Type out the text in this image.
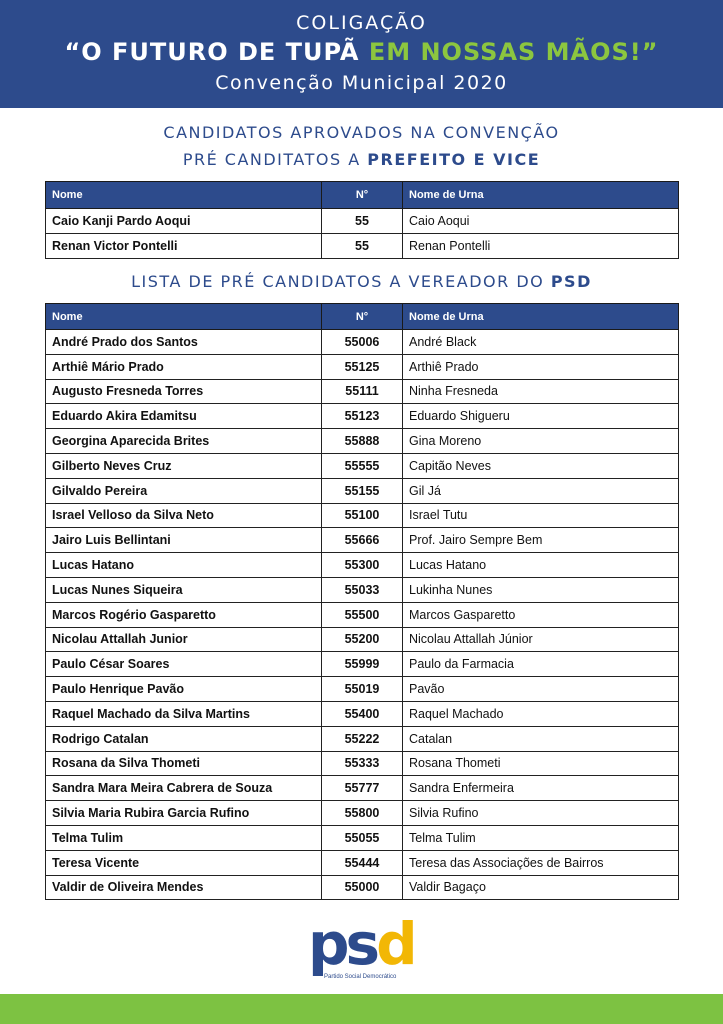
COLIGAÇÃO
“O FUTURO DE TUPÃ EM NOSSAS MÃOS!”
Convenção Municipal 2020
CANDIDATOS APROVADOS NA CONVENÇÃO
PRÉ CANDITATOS A PREFEITO E VICE
Nome	N°	Nome de Urna
Caio Kanji Pardo Aoqui	55	Caio Aoqui
Renan Victor Pontelli	55	Renan Pontelli
LISTA DE PRÉ CANDIDATOS A VEREADOR DO PSD
Nome	N°	Nome de Urna
André Prado dos Santos	55006	André Black
Arthiê Mário Prado	55125	Arthiê Prado
Augusto Fresneda Torres	55111	Ninha Fresneda
Eduardo Akira Edamitsu	55123	Eduardo Shigueru
Georgina Aparecida Brites	55888	Gina Moreno
Gilberto Neves Cruz	55555	Capitão Neves
Gilvaldo Pereira	55155	Gil Já
Israel Velloso da Silva Neto	55100	Israel Tutu
Jairo Luis Bellintani	55666	Prof. Jairo Sempre Bem
Lucas Hatano	55300	Lucas Hatano
Lucas Nunes Siqueira	55033	Lukinha Nunes
Marcos Rogério Gasparetto	55500	Marcos Gasparetto
Nicolau Attallah Junior	55200	Nicolau Attallah Júnior
Paulo César Soares	55999	Paulo da Farmacia
Paulo Henrique Pavão	55019	Pavão
Raquel Machado da Silva Martins	55400	Raquel Machado
Rodrigo Catalan	55222	Catalan
Rosana da Silva Thometi	55333	Rosana Thometi
Sandra Mara Meira Cabrera de Souza	55777	Sandra Enfermeira
Silvia Maria Rubira Garcia Rufino	55800	Silvia Rufino
Telma Tulim	55055	Telma Tulim
Teresa Vicente	55444	Teresa das Associações de Bairros
Valdir de Oliveira Mendes	55000	Valdir Bagaço
psd
Partido Social Democrático
